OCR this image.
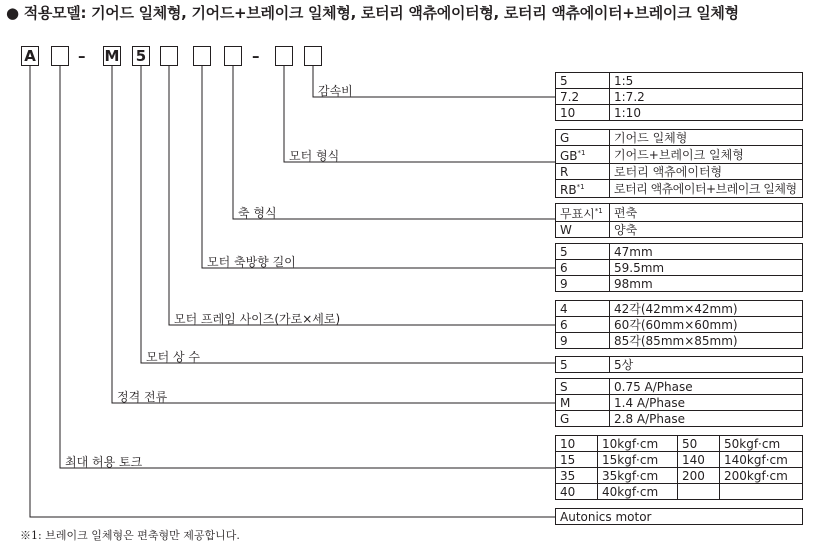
● 적용모델: 기어드 일체형, 기어드+브레이크 일체형, 로터리 액츄에이터형, 로터리 액츄에이터+브레이크 일체형
A	– M 5	–
감속비
모터 형식
축 형식
모터 축방향 길이
모터 프레임 사이즈(가로×세로)
모터 상 수
정격 전류
최대 허용 토크
5	1:5
7.2	1:7.2
10	1:10
G	기어드 일체형
GB$^{*1}$	기어드+브레이크 일체형
R	로터리 액츄에이터형
RB$^{*1}$	로터리 액츄에이터+브레이크 일체형
무표시$^{*1}$	편축
W	양축
5	47mm
6	59.5mm
9	98mm
4	42각(42mm×42mm)
6	60각(60mm×60mm)
9	85각(85mm×85mm)
5	5상
S	0.75 A/Phase
M	1.4 A/Phase
G	2.8 A/Phase
10	10kgf·cm	50	50kgf·cm
15	15kgf·cm	140	140kgf·cm
35	35kgf·cm	200	200kgf·cm
40	40kgf·cm		
Autonics motor
※1: 브레이크 일체형은 편축형만 제공합니다.
